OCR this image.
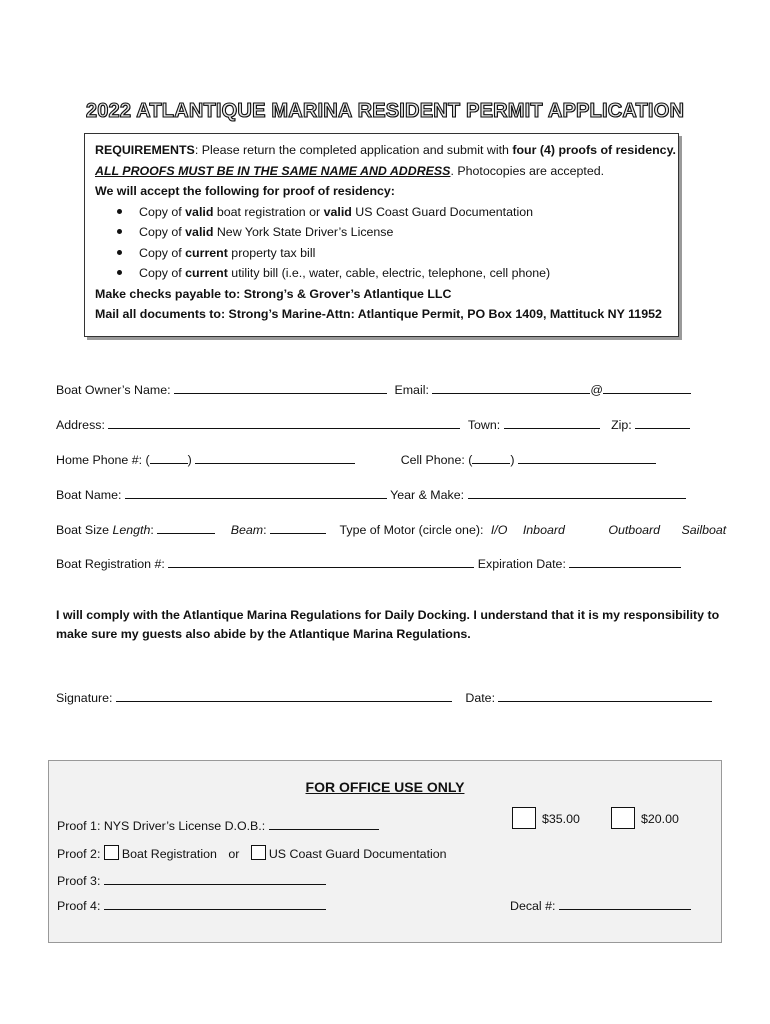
2022 ATLANTIQUE MARINA RESIDENT PERMIT APPLICATION

REQUIREMENTS: Please return the completed application and submit with four (4) proofs of residency.

ALL PROOFS MUST BE IN THE SAME NAME AND ADDRESS. Photocopies are accepted.

We will accept the following for proof of residency:

Copy of valid boat registration or valid US Coast Guard Documentation
Copy of valid New York State Driver’s License
Copy of current property tax bill
Copy of current utility bill (i.e., water, cable, electric, telephone, cell phone)

Make checks payable to: Strong’s & Grover’s Atlantique LLC

Mail all documents to: Strong’s Marine-Attn: Atlantique Permit, PO Box 1409, Mattituck NY 11952

Boat Owner’s Name:	Email:	@
Address:	Town:	Zip:
Home Phone #: (	)	Cell Phone: (	)
Boat Name:	Year & Make:
Boat Size Length:	Beam:	Type of Motor (circle one): I/O Inboard	Outboard Sailboat
Boat Registration #:	Expiration Date:
I will comply with the Atlantique Marina Regulations for Daily Docking. I understand that it is my responsibility to make sure my guests also abide by the Atlantique Marina Regulations.
Signature:	Date:
FOR OFFICE USE ONLY
$35.00	$20.00
Proof 1: NYS Driver’s License D.O.B.:
Proof 2: Boat Registration or US Coast Guard Documentation
Proof 3:
Proof 4:	Decal #:
